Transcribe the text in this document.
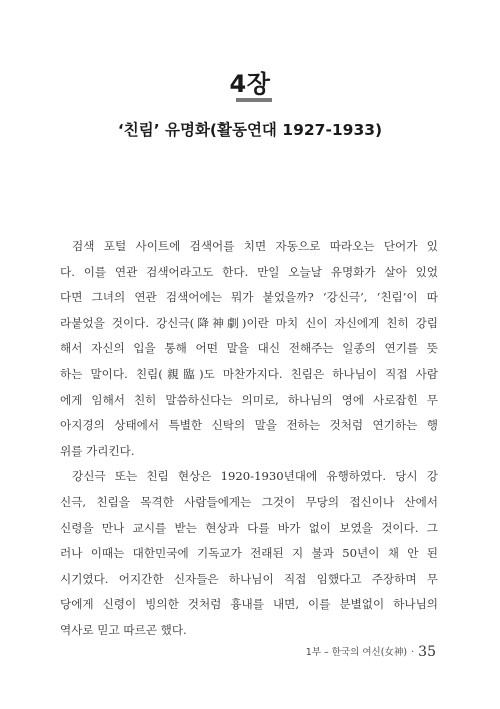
4장
‘친림’ 유명화(활동연대 1927-1933)
검색 포털 사이트에 검색어를 치면 자동으로 따라오는 단어가 있
다. 이를 연관 검색어라고도 한다. 만일 오늘날 유명화가 살아 있었
다면 그녀의 연관 검색어에는 뭐가 붙었을까? ‘강신극’, ‘친림’이 따
라붙었을 것이다. 강신극(降神劇)이란 마치 신이 자신에게 친히 강림
해서 자신의 입을 통해 어떤 말을 대신 전해주는 일종의 연기를 뜻
하는 말이다. 친림(親臨)도 마찬가지다. 친림은 하나님이 직접 사람
에게 임해서 친히 말씀하신다는 의미로, 하나님의 영에 사로잡힌 무
아지경의 상태에서 특별한 신탁의 말을 전하는 것처럼 연기하는 행
위를 가리킨다.
강신극 또는 친림 현상은 1920-1930년대에 유행하였다. 당시 강
신극, 친림을 목격한 사람들에게는 그것이 무당의 접신이나 산에서
신령을 만나 교시를 받는 현상과 다를 바가 없이 보였을 것이다. 그
러나 이때는 대한민국에 기독교가 전래된 지 불과 50년이 채 안 된
시기였다. 어지간한 신자들은 하나님이 직접 임했다고 주장하며 무
당에게 신령이 빙의한 것처럼 흉내를 내면, 이를 분별없이 하나님의
역사로 믿고 따르곤 했다.
1부 – 한국의 여신(女神) · 35
